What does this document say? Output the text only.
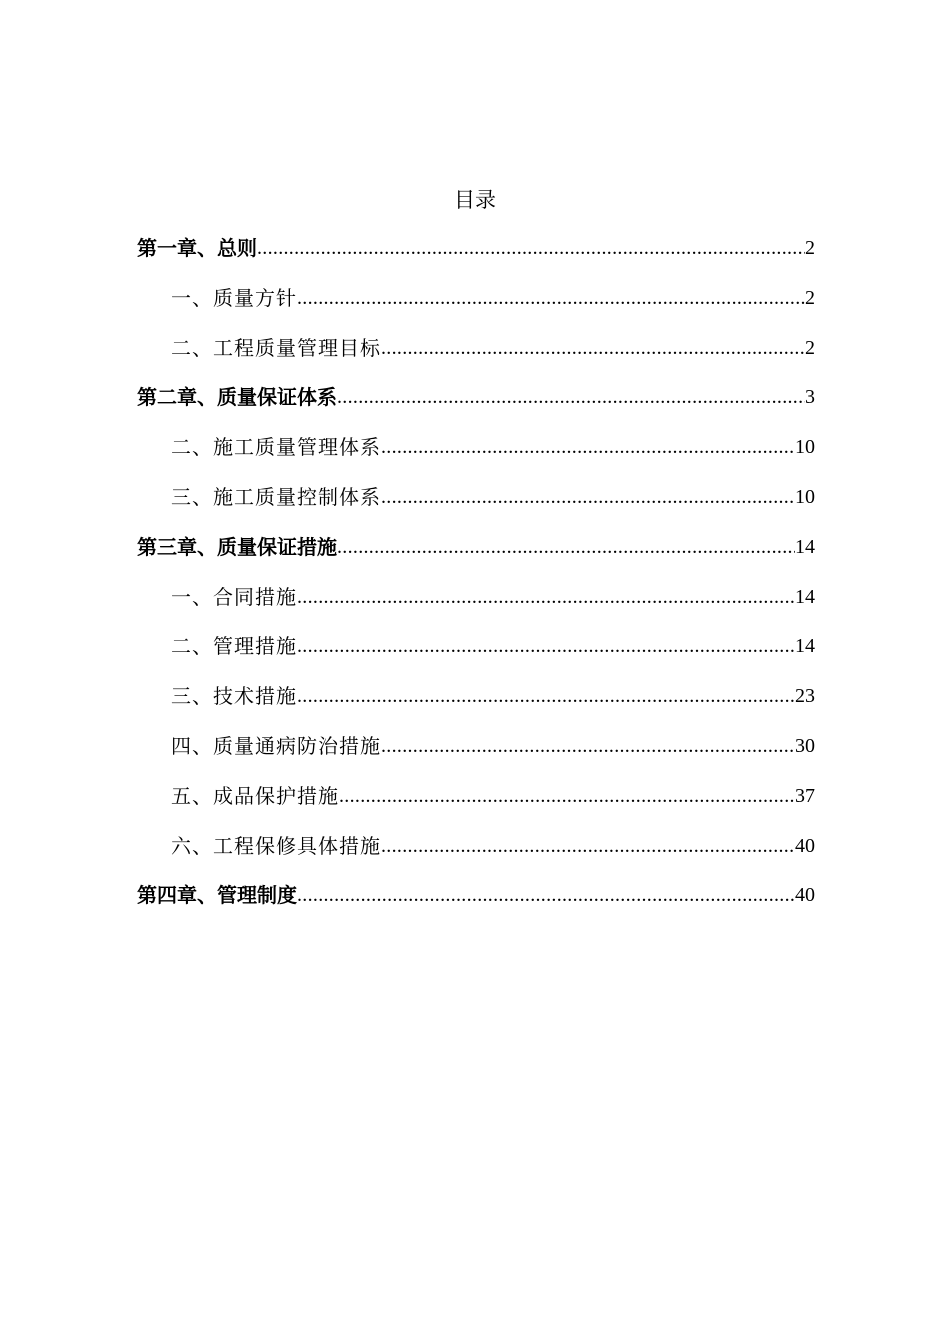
目录
第一章、总则 .....	2
一、质量方针 .....	2
二、工程质量管理目标 .....	2
第二章、质量保证体系 .....	3
二、施工质量管理体系 .....	10
三、施工质量控制体系 .....	10
第三章、质量保证措施 .....	14
一、合同措施 .....	14
二、管理措施 .....	14
三、技术措施 .....	23
四、质量通病防治措施 .....	30
五、成品保护措施 .....	37
六、工程保修具体措施 .....	40
第四章、管理制度 .....	40
